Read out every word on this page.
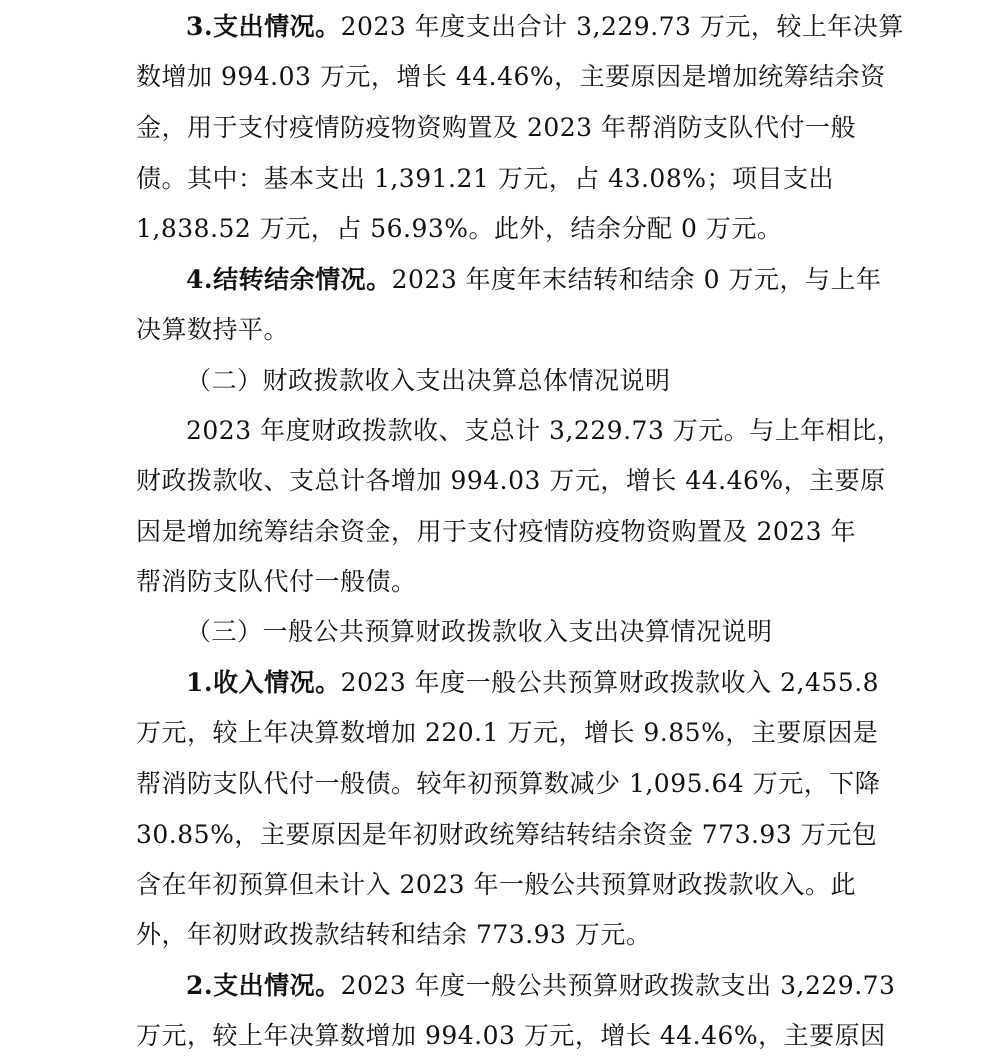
3.支出情况。2023 年度支出合计 3,229.73 万元，较上年决算
数增加 994.03 万元，增长 44.46%，主要原因是增加统筹结余资
金，用于支付疫情防疫物资购置及 2023 年帮消防支队代付一般
债。其中：基本支出 1,391.21 万元，占 43.08%；项目支出
1,838.52 万元，占 56.93%。此外，结余分配 0 万元。
4.结转结余情况。2023 年度年末结转和结余 0 万元，与上年
决算数持平。
（二）财政拨款收入支出决算总体情况说明
2023 年度财政拨款收、支总计 3,229.73 万元。与上年相比，
财政拨款收、支总计各增加 994.03 万元，增长 44.46%，主要原
因是增加统筹结余资金，用于支付疫情防疫物资购置及 2023 年
帮消防支队代付一般债。
（三）一般公共预算财政拨款收入支出决算情况说明
1.收入情况。2023 年度一般公共预算财政拨款收入 2,455.8
万元，较上年决算数增加 220.1 万元，增长 9.85%，主要原因是
帮消防支队代付一般债。较年初预算数减少 1,095.64 万元，下降
30.85%，主要原因是年初财政统筹结转结余资金 773.93 万元包
含在年初预算但未计入 2023 年一般公共预算财政拨款收入。此
外，年初财政拨款结转和结余 773.93 万元。
2.支出情况。2023 年度一般公共预算财政拨款支出 3,229.73
万元，较上年决算数增加 994.03 万元，增长 44.46%，主要原因
